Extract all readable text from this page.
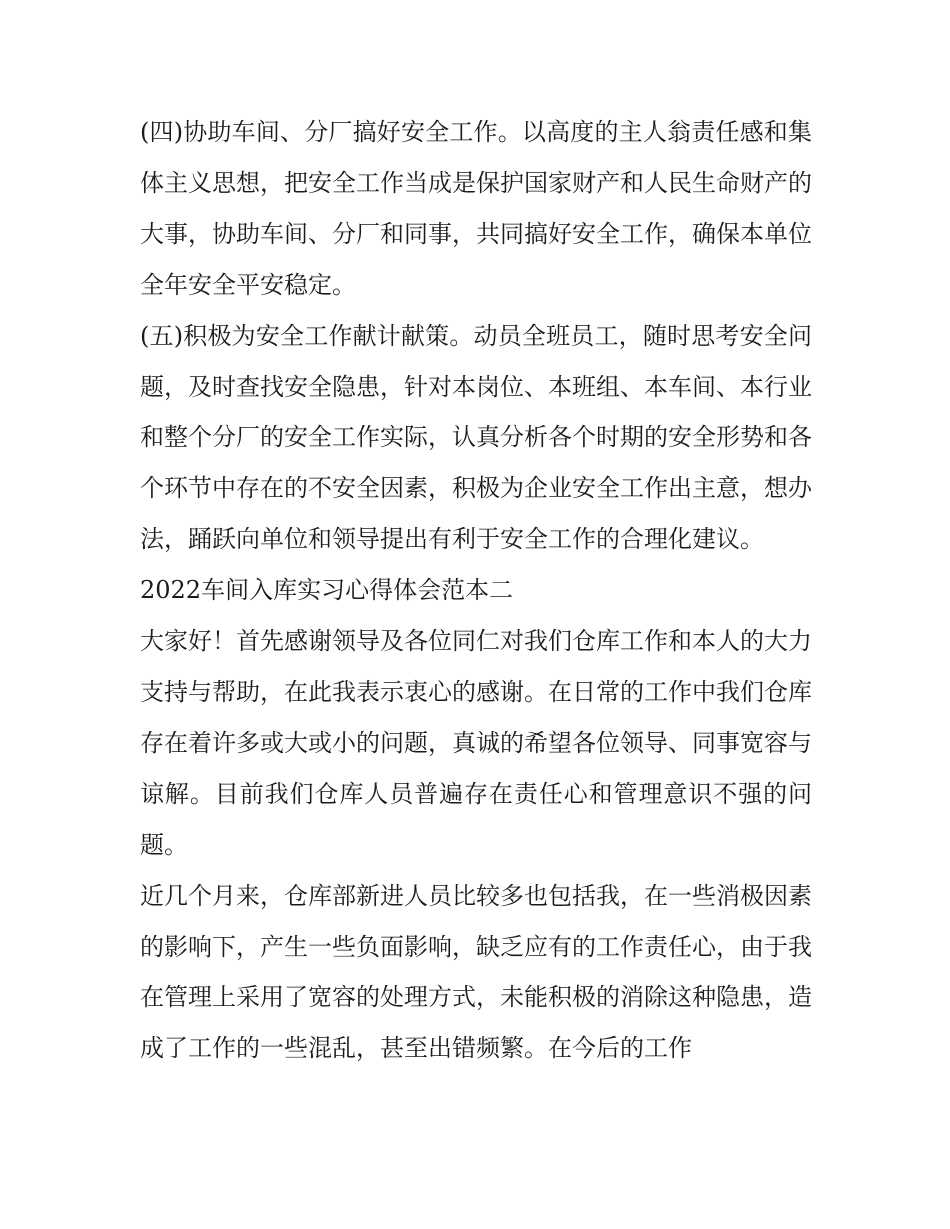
(四)协助车间、分厂搞好安全工作。以高度的主人翁责任感和集体主义思想，把安全工作当成是保护国家财产和人民生命财产的大事，协助车间、分厂和同事，共同搞好安全工作，确保本单位全年安全平安稳定。

(五)积极为安全工作献计献策。动员全班员工，随时思考安全问题，及时查找安全隐患，针对本岗位、本班组、本车间、本行业和整个分厂的安全工作实际，认真分析各个时期的安全形势和各个环节中存在的不安全因素，积极为企业安全工作出主意，想办法，踊跃向单位和领导提出有利于安全工作的合理化建议。

2022车间入库实习心得体会范本二

大家好！首先感谢领导及各位同仁对我们仓库工作和本人的大力支持与帮助，在此我表示衷心的感谢。在日常的工作中我们仓库存在着许多或大或小的问题，真诚的希望各位领导、同事宽容与谅解。目前我们仓库人员普遍存在责任心和管理意识不强的问题。

近几个月来，仓库部新进人员比较多也包括我，在一些消极因素的影响下，产生一些负面影响，缺乏应有的工作责任心，由于我在管理上采用了宽容的处理方式，未能积极的消除这种隐患，造成了工作的一些混乱，甚至出错频繁。在今后的工作
